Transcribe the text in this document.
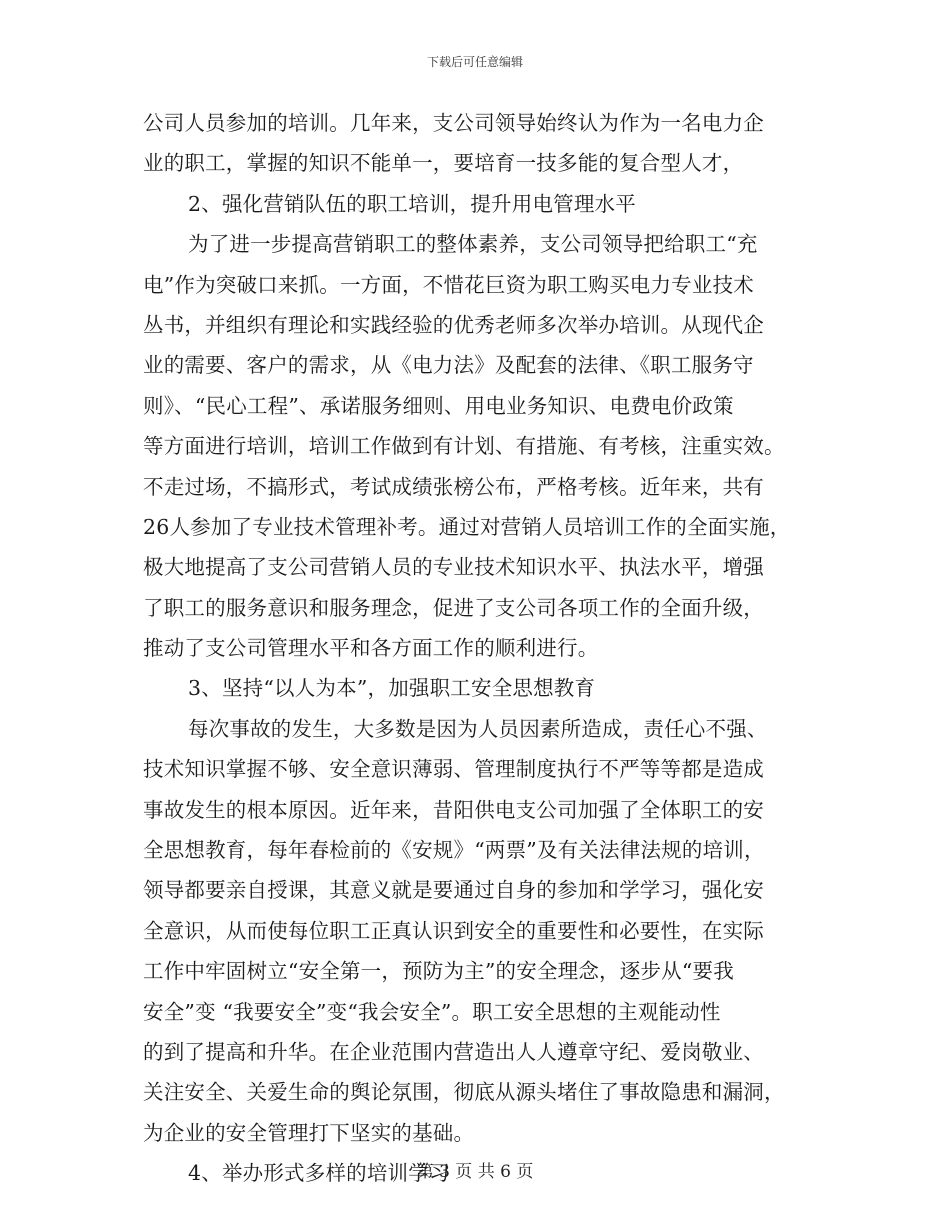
下载后可任意编辑
公司人员参加的培训。几年来，支公司领导始终认为作为一名电力企
业的职工，掌握的知识不能单一，要培育一技多能的复合型人才，
2、强化营销队伍的职工培训，提升用电管理水平
为了进一步提高营销职工的整体素养，支公司领导把给职工“充
电”作为突破口来抓。一方面，不惜花巨资为职工购买电力专业技术
丛书，并组织有理论和实践经验的优秀老师多次举办培训。从现代企
业的需要、客户的需求，从《电力法》及配套的法律、《职工服务守
则》、“民心工程”、承诺服务细则、用电业务知识、电费电价政策
等方面进行培训，培训工作做到有计划、有措施、有考核，注重实效。
不走过场，不搞形式，考试成绩张榜公布，严格考核。近年来，共有
26人参加了专业技术管理补考。通过对营销人员培训工作的全面实施，
极大地提高了支公司营销人员的专业技术知识水平、执法水平，增强
了职工的服务意识和服务理念，促进了支公司各项工作的全面升级，
推动了支公司管理水平和各方面工作的顺利进行。
3、坚持“以人为本”，加强职工安全思想教育
每次事故的发生，大多数是因为人员因素所造成，责任心不强、
技术知识掌握不够、安全意识薄弱、管理制度执行不严等等都是造成
事故发生的根本原因。近年来，昔阳供电支公司加强了全体职工的安
全思想教育，每年春检前的《安规》“两票”及有关法律法规的培训，
领导都要亲自授课，其意义就是要通过自身的参加和学学习，强化安
全意识，从而使每位职工正真认识到安全的重要性和必要性，在实际
工作中牢固树立“安全第一，预防为主”的安全理念，逐步从“要我
安全”变 “我要安全”变“我会安全”。职工安全思想的主观能动性
的到了提高和升华。在企业范围内营造出人人遵章守纪、爱岗敬业、
关注安全、关爱生命的舆论氛围，彻底从源头堵住了事故隐患和漏洞，
为企业的安全管理打下坚实的基础。
4、举办形式多样的培训学习
第 3 页 共 6 页
